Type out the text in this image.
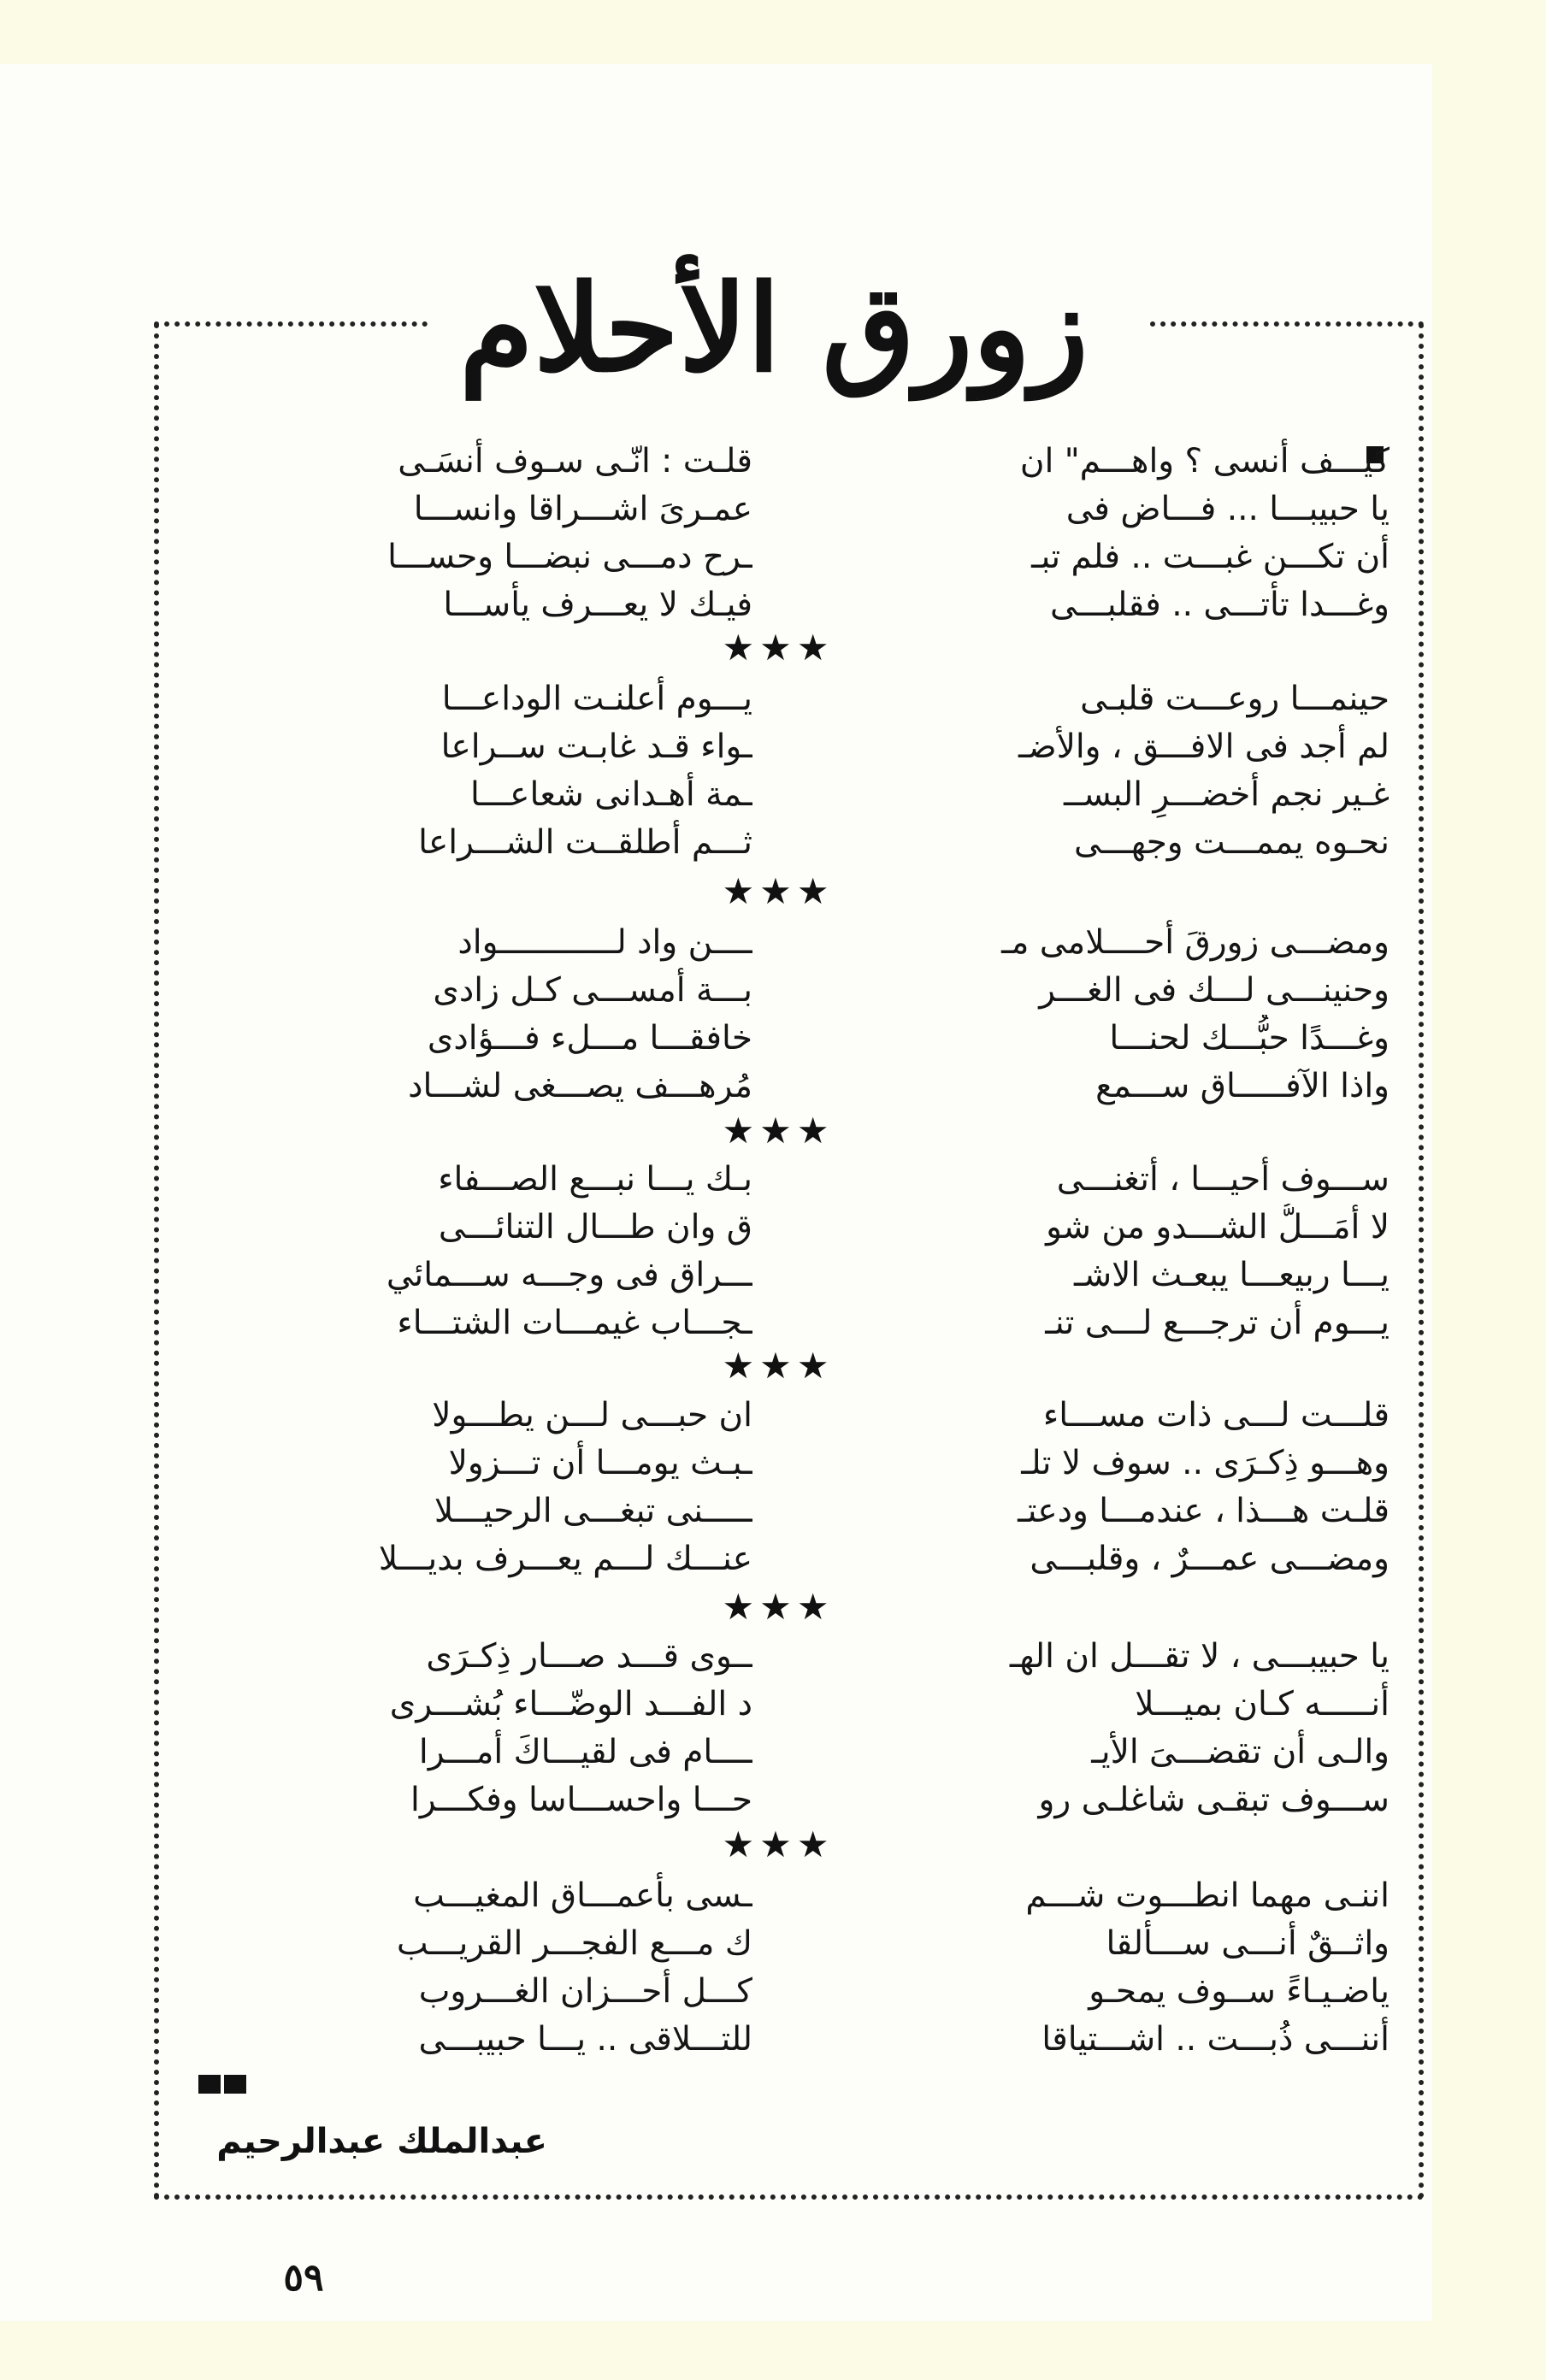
زورق الأحلام
كيـــف أنسى ؟ واهـــم" ان
قلـت : انّـى سـوف أنسَـى
يا حبيبـــا ... فـــاض فى
عمـرىَ اشـــراقا وانســـا
أن تكـــن غبـــت .. فلم تبـ
ـرح دمـــى نبضـــا وحســـا
وغـــدا تأتـــى .. فقلبـــى
فيـك لا يعـــرف يأســـا
★★★
حينمـــا روعـــت قلبـى
يـــوم أعلنـت الوداعـــا
لم أجد فى الافـــق ، والأضـ
ـواء قـد غابـت ســراعا
غـير نجم أخضـــرِ البســ
ـمة أهـدانى شعاعـــا
نحـوه يممـــت وجهـــى
ثـــم أطلقــت الشـــراعا
★★★
ومضـــى زورقَ أحــــلامى مـ
ــــن واد لــــــــــــواد
وحنينـــى لـــك فى الغـــر
بـــة أمســـى كـل زادى
وغـــدًا حبُّـــك لحنـــا
خافقـــا مـــلء فـــؤادى
واذا الآفـــــاق ســـمع
مُرهـــف يصـــغى لشـــاد
★★★
ســـوف أحيـــا ، أتغنـــى
بـك يـــا نبـــع الصـــفاء
لا أمَـــلُّ الشـــدو من شو
ق وان طـــال التنائـــى
يـــا ربيعـــا يبعـث الاشـ
ـــراق فى وجـــه ســـمائي
يـــوم أن ترجـــع لـــى تنـ
ـجـــاب غيمـــات الشتـــاء
★★★
قلـــت لـــى ذات مســـاء
ان حبـــى لـــن يطـــولا
وهـــو ذِكـرَى .. سوف لا تلـ
ـبـث يومـــا أن تـــزولا
قلـت هـــذا ، عندمـــا ودعتـ
ـــــنى تبغـــى الرحيـــلا
ومضـــى عمـــرٌ ، وقلبـــى
عنـــك لـــم يعـــرف بديـــلا
★★★
يا حبيبـــى ، لا تقـــل ان الهـ
ــوى قـــد صـــار ذِكـرَى
أنـــــه كـان بميـــلا
د الفـــد الوضّـــاء بُشـــرى
والـى أن تقضـــىَ الأيـ
ــــام فى لقيـــاكَ أمـــرا
ســـوف تبقـى شاغلـى رو
حـــا واحســـاسا وفكـــرا
★★★
اننـى مهما انطـــوت شـــم
ـسى بأعمـــاق المغيـــب
واثــقٌ أنـــى ســـألقا
ك مـــع الفجـــر القريـــب
ياضـيـاءً ســوف يمحـو
كـــل أحـــزان الغـــروب
أننـــى ذُبـــت .. اشـــتياقا
للتـــلاقى .. يـــا حبيبـــى

عبدالملك عبدالرحيم

٥٩
